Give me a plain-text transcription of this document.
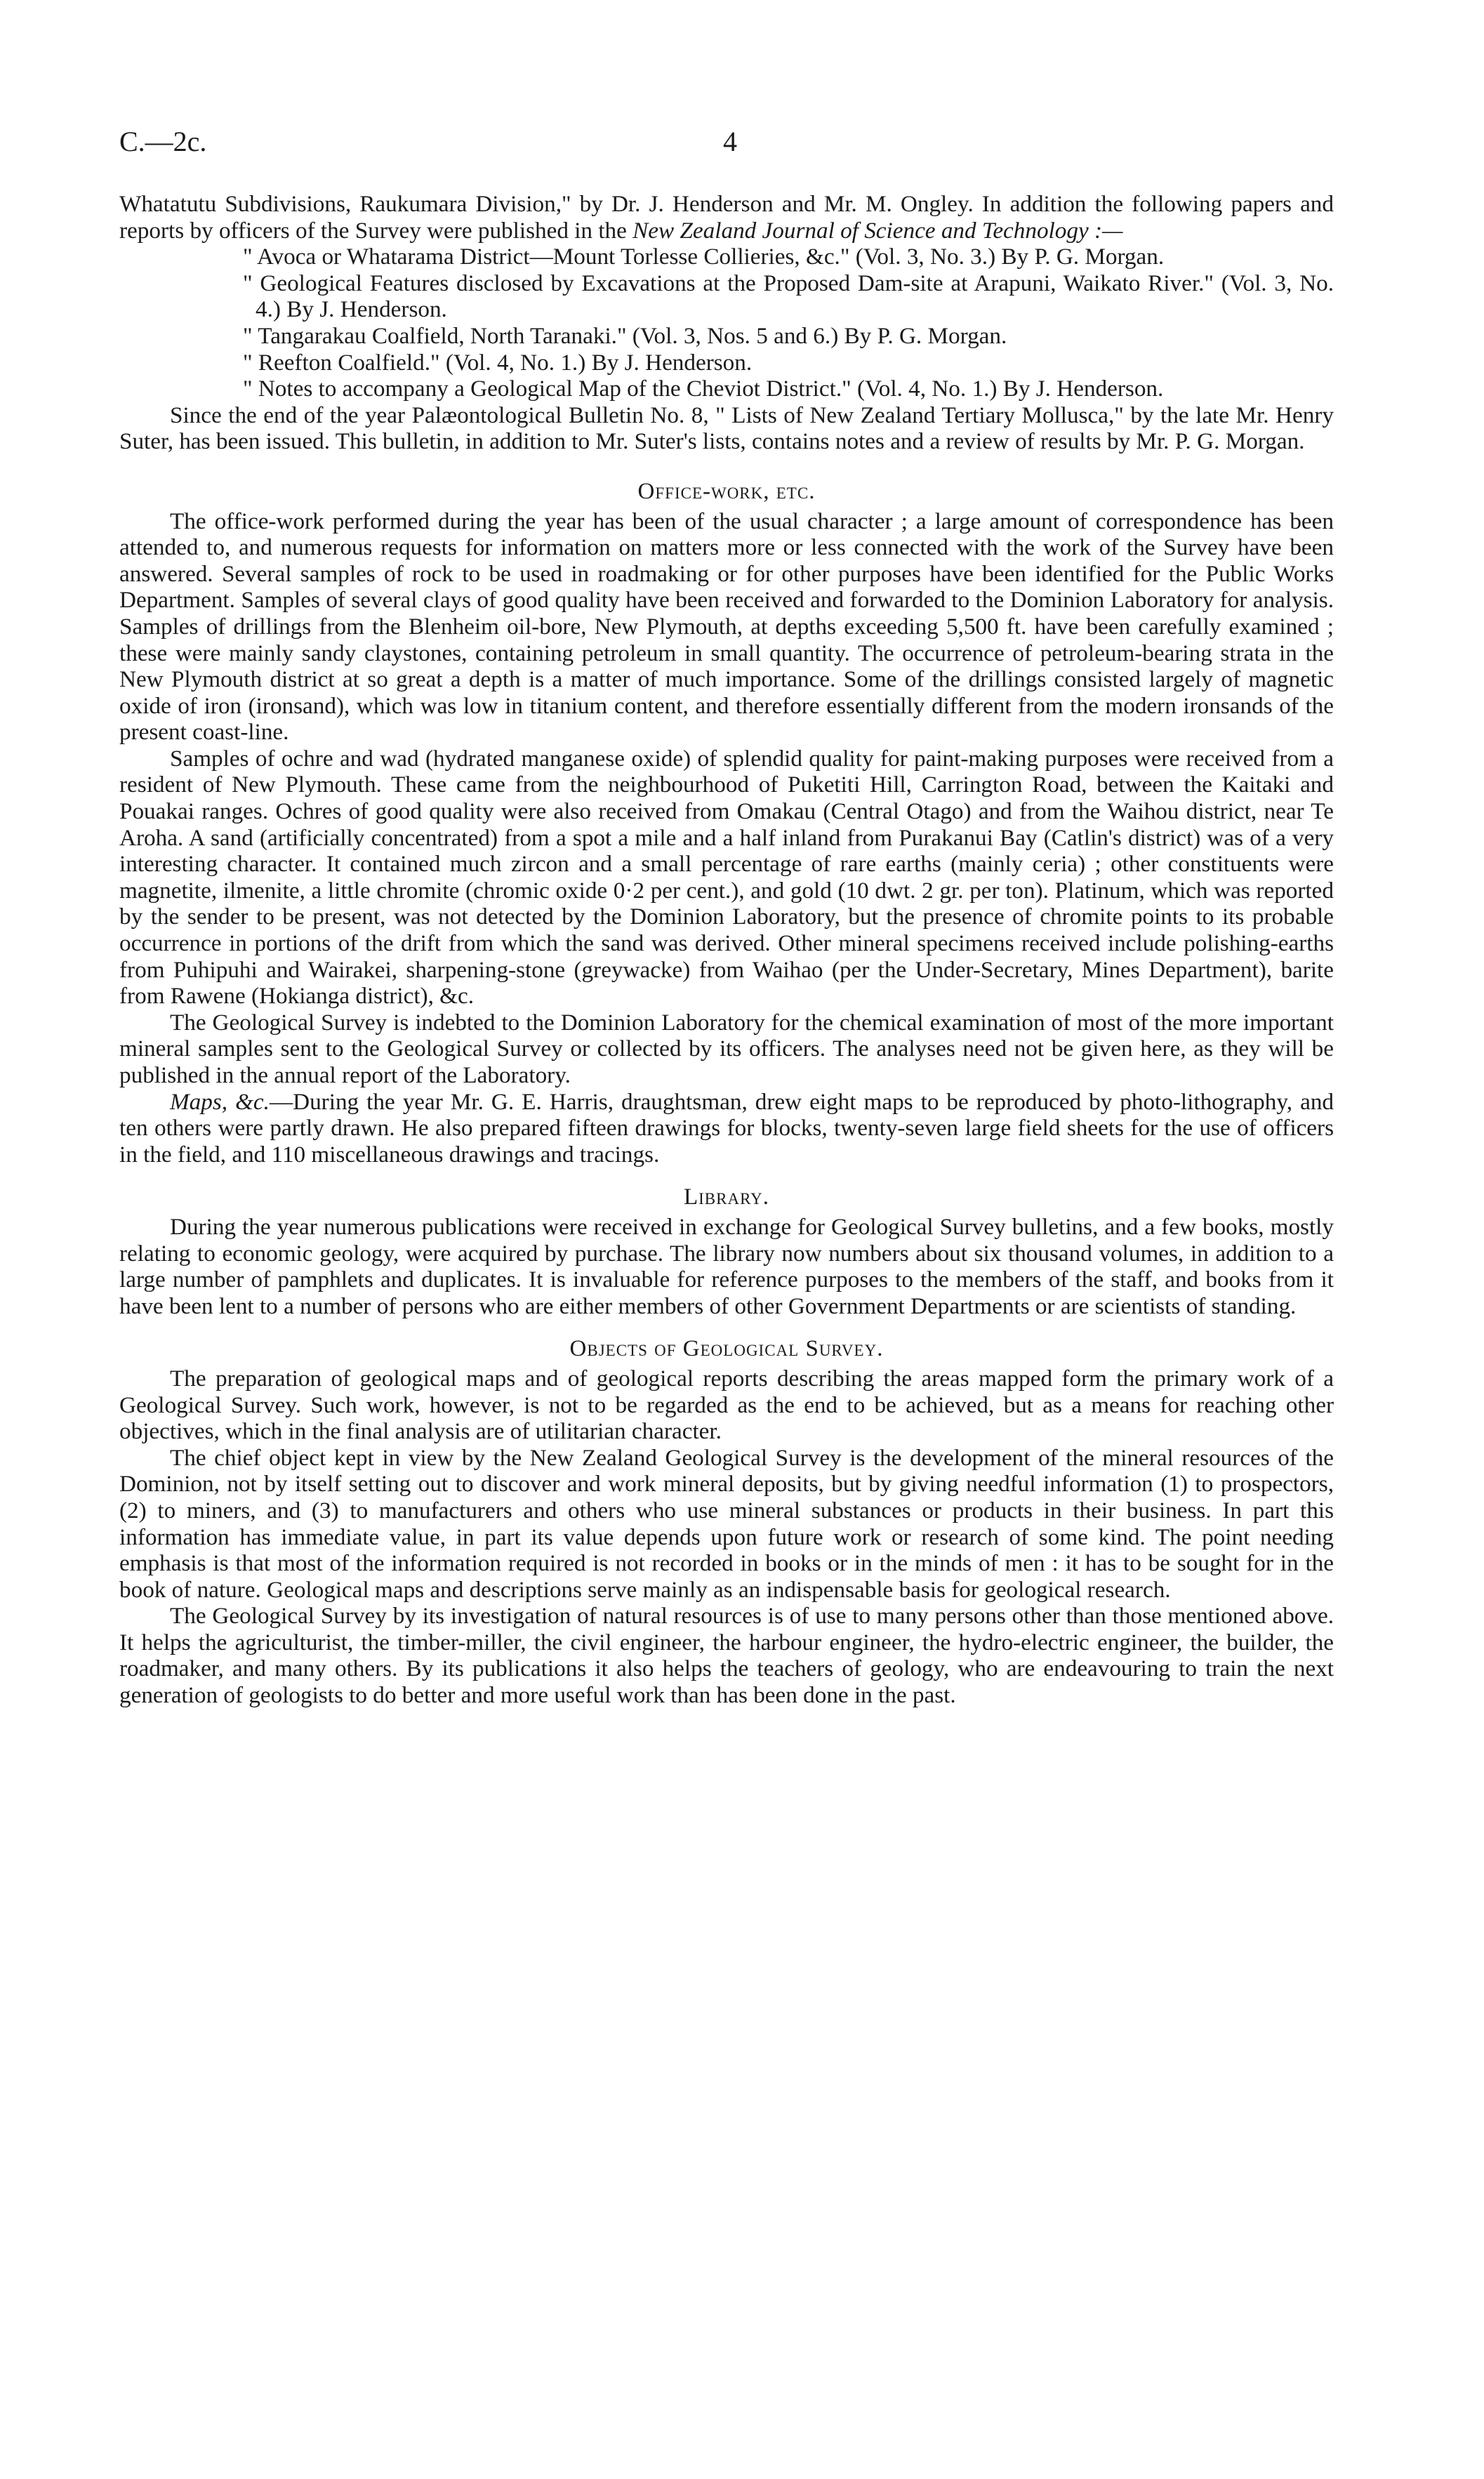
C.—2c.	4

Whatatutu Subdivisions, Raukumara Division," by Dr. J. Henderson and Mr. M. Ongley. In addition the following papers and reports by officers of the Survey were published in the New Zealand Journal of Science and Technology :—

" Avoca or Whatarama District—Mount Torlesse Collieries, &c." (Vol. 3, No. 3.) By P. G. Morgan.

" Geological Features disclosed by Excavations at the Proposed Dam-site at Arapuni, Waikato River." (Vol. 3, No. 4.) By J. Henderson.

" Tangarakau Coalfield, North Taranaki." (Vol. 3, Nos. 5 and 6.) By P. G. Morgan.

" Reefton Coalfield." (Vol. 4, No. 1.) By J. Henderson.

" Notes to accompany a Geological Map of the Cheviot District." (Vol. 4, No. 1.) By J. Henderson.

Since the end of the year Palæontological Bulletin No. 8, " Lists of New Zealand Tertiary Mollusca," by the late Mr. Henry Suter, has been issued. This bulletin, in addition to Mr. Suter's lists, contains notes and a review of results by Mr. P. G. Morgan.

Office-work, etc.

The office-work performed during the year has been of the usual character ; a large amount of correspondence has been attended to, and numerous requests for information on matters more or less connected with the work of the Survey have been answered. Several samples of rock to be used in roadmaking or for other purposes have been identified for the Public Works Department. Samples of several clays of good quality have been received and forwarded to the Dominion Laboratory for analysis. Samples of drillings from the Blenheim oil-bore, New Plymouth, at depths exceeding 5,500 ft. have been carefully examined ; these were mainly sandy claystones, containing petroleum in small quantity. The occurrence of petroleum-bearing strata in the New Plymouth district at so great a depth is a matter of much importance. Some of the drillings consisted largely of magnetic oxide of iron (ironsand), which was low in titanium content, and therefore essentially different from the modern ironsands of the present coast-line.

Samples of ochre and wad (hydrated manganese oxide) of splendid quality for paint-making purposes were received from a resident of New Plymouth. These came from the neighbourhood of Puketiti Hill, Carrington Road, between the Kaitaki and Pouakai ranges. Ochres of good quality were also received from Omakau (Central Otago) and from the Waihou district, near Te Aroha. A sand (artificially concentrated) from a spot a mile and a half inland from Purakanui Bay (Catlin's district) was of a very interesting character. It contained much zircon and a small percentage of rare earths (mainly ceria) ; other constituents were magnetite, ilmenite, a little chromite (chromic oxide 0·2 per cent.), and gold (10 dwt. 2 gr. per ton). Platinum, which was reported by the sender to be present, was not detected by the Dominion Laboratory, but the presence of chromite points to its probable occurrence in portions of the drift from which the sand was derived. Other mineral specimens received include polishing-earths from Puhipuhi and Wairakei, sharpening-stone (greywacke) from Waihao (per the Under-Secretary, Mines Department), barite from Rawene (Hokianga district), &c.

The Geological Survey is indebted to the Dominion Laboratory for the chemical examination of most of the more important mineral samples sent to the Geological Survey or collected by its officers. The analyses need not be given here, as they will be published in the annual report of the Laboratory.

Maps, &c.—During the year Mr. G. E. Harris, draughtsman, drew eight maps to be reproduced by photo-lithography, and ten others were partly drawn. He also prepared fifteen drawings for blocks, twenty-seven large field sheets for the use of officers in the field, and 110 miscellaneous drawings and tracings.

Library.

During the year numerous publications were received in exchange for Geological Survey bulletins, and a few books, mostly relating to economic geology, were acquired by purchase. The library now numbers about six thousand volumes, in addition to a large number of pamphlets and duplicates. It is invaluable for reference purposes to the members of the staff, and books from it have been lent to a number of persons who are either members of other Government Departments or are scientists of standing.

Objects of Geological Survey.

The preparation of geological maps and of geological reports describing the areas mapped form the primary work of a Geological Survey. Such work, however, is not to be regarded as the end to be achieved, but as a means for reaching other objectives, which in the final analysis are of utilitarian character.

The chief object kept in view by the New Zealand Geological Survey is the development of the mineral resources of the Dominion, not by itself setting out to discover and work mineral deposits, but by giving needful information (1) to prospectors, (2) to miners, and (3) to manufacturers and others who use mineral substances or products in their business. In part this information has immediate value, in part its value depends upon future work or research of some kind. The point needing emphasis is that most of the information required is not recorded in books or in the minds of men : it has to be sought for in the book of nature. Geological maps and descriptions serve mainly as an indispensable basis for geological research.

The Geological Survey by its investigation of natural resources is of use to many persons other than those mentioned above. It helps the agriculturist, the timber-miller, the civil engineer, the harbour engineer, the hydro-electric engineer, the builder, the roadmaker, and many others. By its publications it also helps the teachers of geology, who are endeavouring to train the next generation of geologists to do better and more useful work than has been done in the past.
